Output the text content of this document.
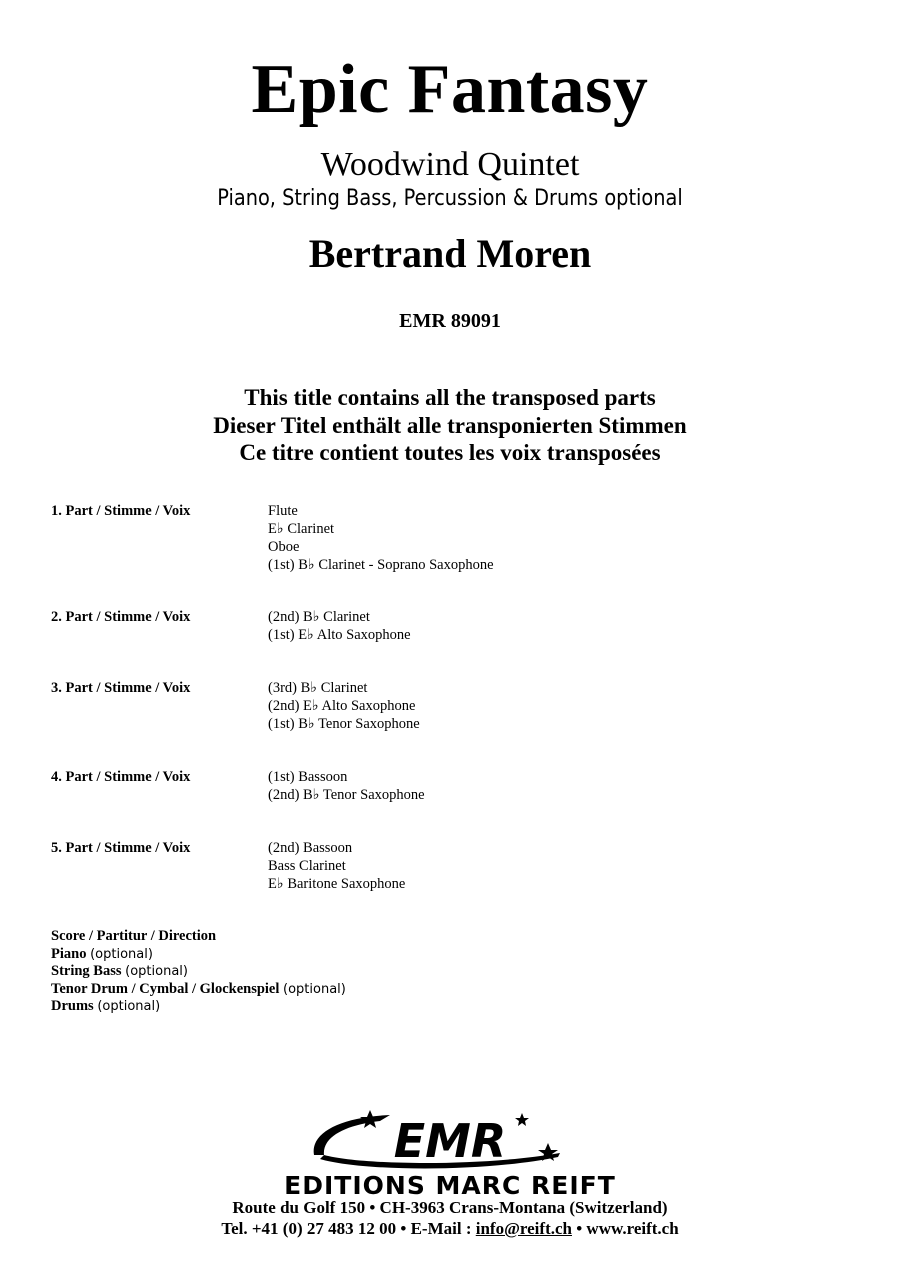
Epic Fantasy
Woodwind Quintet
Piano, String Bass, Percussion & Drums optional
Bertrand Moren
EMR 89091
This title contains all the transposed parts
Dieser Titel enthält alle transponierten Stimmen
Ce titre contient toutes les voix transposées
1. Part / Stimme / Voix	Flute
E♭ Clarinet
Oboe
(1st) B♭ Clarinet - Soprano Saxophone
2. Part / Stimme / Voix	(2nd) B♭ Clarinet
(1st) E♭ Alto Saxophone
3. Part / Stimme / Voix	(3rd) B♭ Clarinet
(2nd) E♭ Alto Saxophone
(1st) B♭ Tenor Saxophone
4. Part / Stimme / Voix	(1st) Bassoon
(2nd) B♭ Tenor Saxophone
5. Part / Stimme / Voix	(2nd) Bassoon
Bass Clarinet
E♭ Baritone Saxophone
Score / Partitur / Direction
Piano (optional)
String Bass (optional)
Tenor Drum / Cymbal / Glockenspiel (optional)
Drums (optional)
EMR
EDITIONS MARC REIFT
Route du Golf 150 • CH-3963 Crans-Montana (Switzerland)
Tel. +41 (0) 27 483 12 00 • E-Mail : info@reift.ch • www.reift.ch
